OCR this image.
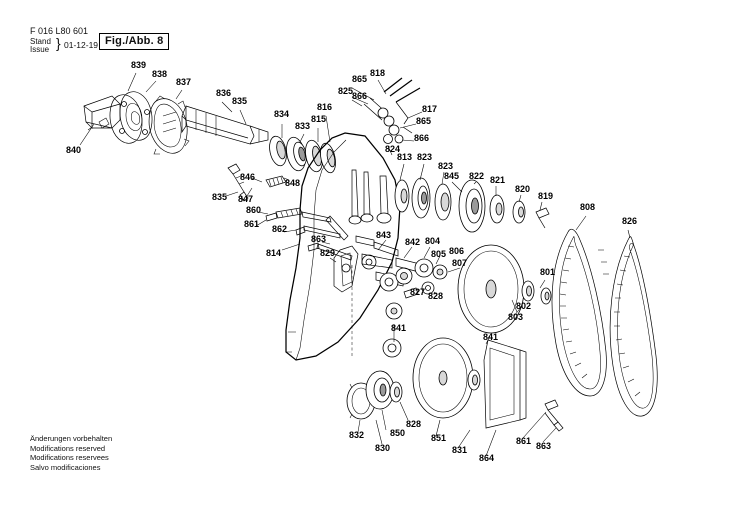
F 016 L80 601
Stand
Issue } 01-12-19 Fig./Abb. 8
Änderungen vorbehalten
Modifications reserved
Modifications reservees
Salvo modificaciones
839
838
837
836
835
834
833
815
816
825
865
866
818
817
865
866
824
813 823
823
845 822 821
820
819
808
826
835 847
846
848
860
861 862
863	843
842 804
805 806
807
801
814	829
827 828
802
803
841
841
832	850
828
830
851
831
864
861 863
840
